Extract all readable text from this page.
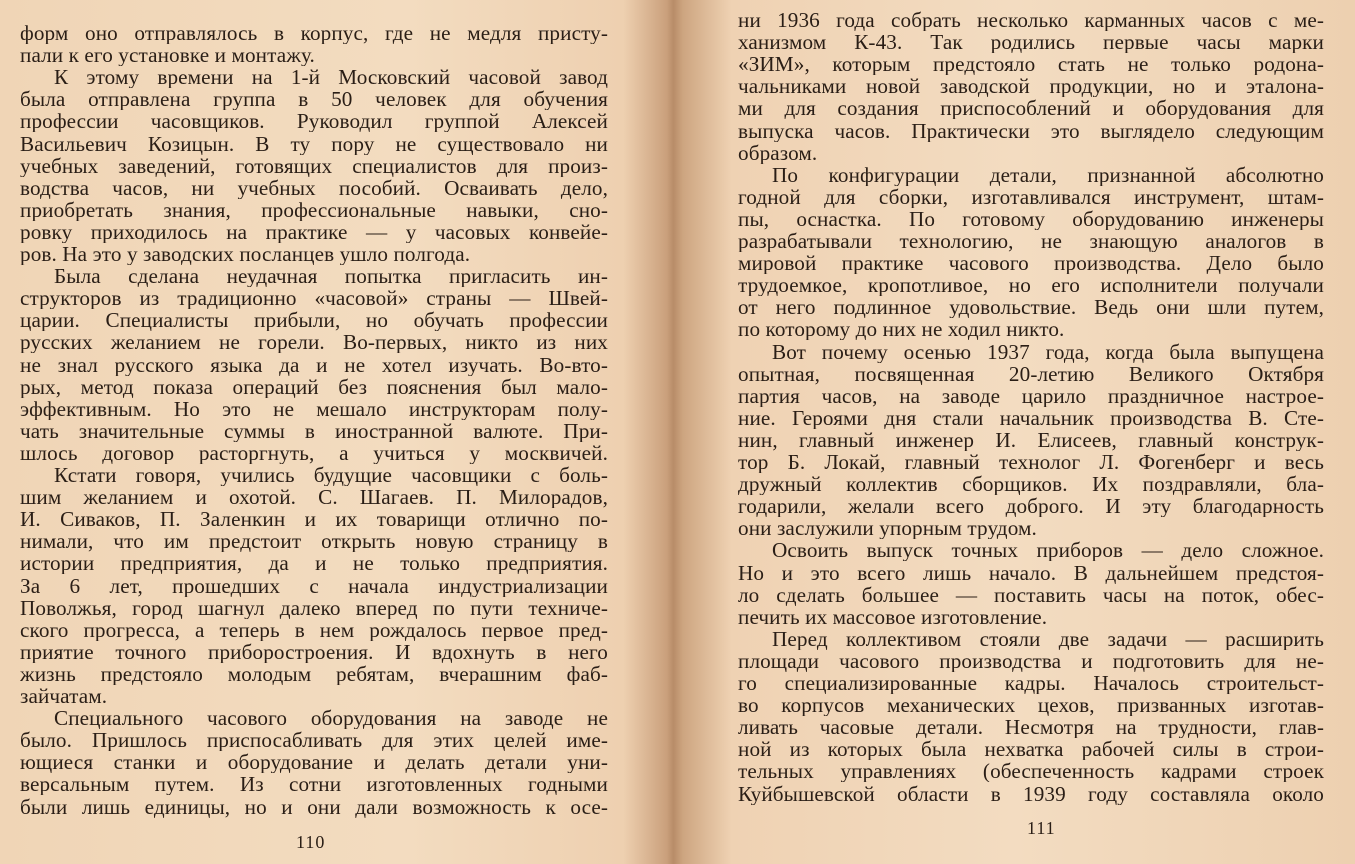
форм оно отправлялось в корпус, где не медля присту-
пали к его установке и монтажу.
К этому времени на 1-й Московский часовой завод
была отправлена группа в 50 человек для обучения
профессии часовщиков. Руководил группой Алексей
Васильевич Козицын. В ту пору не существовало ни
учебных заведений, готовящих специалистов для произ-
водства часов, ни учебных пособий. Осваивать дело,
приобретать знания, профессиональные навыки, сно-
ровку приходилось на практике — у часовых конвейе-
ров. На это у заводских посланцев ушло полгода.
Была сделана неудачная попытка пригласить ин-
структоров из традиционно «часовой» страны — Швей-
царии. Специалисты прибыли, но обучать профессии
русских желанием не горели. Во-первых, никто из них
не знал русского языка да и не хотел изучать. Во-вто-
рых, метод показа операций без пояснения был мало-
эффективным. Но это не мешало инструкторам полу-
чать значительные суммы в иностранной валюте. При-
шлось договор расторгнуть, а учиться у москвичей.
Кстати говоря, учились будущие часовщики с боль-
шим желанием и охотой. С. Шагаев. П. Милорадов,
И. Сиваков, П. Заленкин и их товарищи отлично по-
нимали, что им предстоит открыть новую страницу в
истории предприятия, да и не только предприятия.
За 6 лет, прошедших с начала индустриализации
Поволжья, город шагнул далеко вперед по пути техниче-
ского прогресса, а теперь в нем рождалось первое пред-
приятие точного приборостроения. И вдохнуть в него
жизнь предстояло молодым ребятам, вчерашним фаб-
зайчатам.
Специального часового оборудования на заводе не
было. Пришлось приспосабливать для этих целей име-
ющиеся станки и оборудование и делать детали уни-
версальным путем. Из сотни изготовленных годными
были лишь единицы, но и они дали возможность к осе-
110
ни 1936 года собрать несколько карманных часов с ме-
ханизмом К-43. Так родились первые часы марки
«ЗИМ», которым предстояло стать не только родона-
чальниками новой заводской продукции, но и эталона-
ми для создания приспособлений и оборудования для
выпуска часов. Практически это выглядело следующим
образом.
По конфигурации детали, признанной абсолютно
годной для сборки, изготавливался инструмент, штам-
пы, оснастка. По готовому оборудованию инженеры
разрабатывали технологию, не знающую аналогов в
мировой практике часового производства. Дело было
трудоемкое, кропотливое, но его исполнители получали
от него подлинное удовольствие. Ведь они шли путем,
по которому до них не ходил никто.
Вот почему осенью 1937 года, когда была выпущена
опытная, посвященная 20-летию Великого Октября
партия часов, на заводе царило праздничное настрое-
ние. Героями дня стали начальник производства В. Сте-
нин, главный инженер И. Елисеев, главный конструк-
тор Б. Локай, главный технолог Л. Фогенберг и весь
дружный коллектив сборщиков. Их поздравляли, бла-
годарили, желали всего доброго. И эту благодарность
они заслужили упорным трудом.
Освоить выпуск точных приборов — дело сложное.
Но и это всего лишь начало. В дальнейшем предстоя-
ло сделать большее — поставить часы на поток, обес-
печить их массовое изготовление.
Перед коллективом стояли две задачи — расширить
площади часового производства и подготовить для не-
го специализированные кадры. Началось строительст-
во корпусов механических цехов, призванных изготав-
ливать часовые детали. Несмотря на трудности, глав-
ной из которых была нехватка рабочей силы в строи-
тельных управлениях (обеспеченность кадрами строек
Куйбышевской области в 1939 году составляла около
111
